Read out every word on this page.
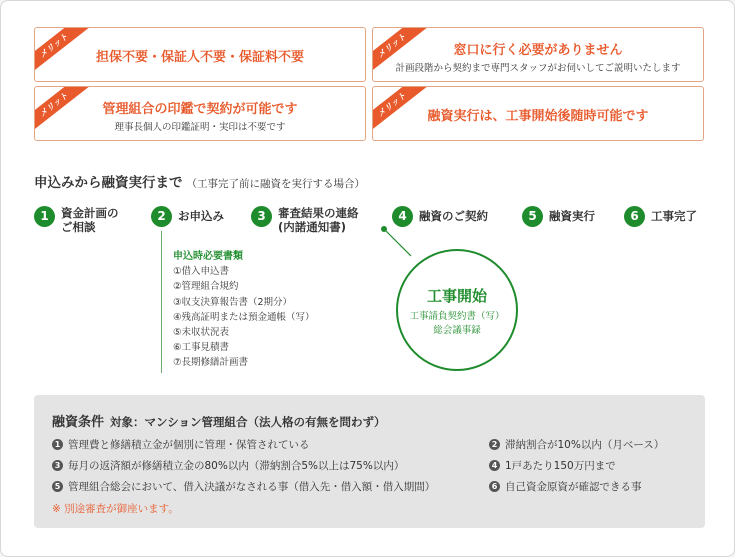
メリット	担保不要・保証人不要・保証料不要	メリット	窓口に行く必要がありません
計画段階から契約まで専門スタッフがお伺いしてご説明いたします
メリット	管理組合の印鑑で契約が可能です
理事長個人の印鑑証明・実印は不要です
メリット	融資実行は、工事開始後随時可能です
申込みから融資実行まで （工事完了前に融資を実行する場合）
1	資金計画の
ご相談
2	お申込み	3	審査結果の連絡
(内諾通知書)
4	融資のご契約	5	融資実行	6	工事完了
申込時必要書類
①借入申込書
②管理組合規約
③収支決算報告書（2期分）
④残高証明または預金通帳（写）
⑤未収状況表
⑥工事見積書
⑦長期修繕計画書
工事開始
工事請負契約書（写）
総会議事録
融資条件 対象：マンション管理組合（法人格の有無を問わず）
1 管理費と修繕積立金が個別に管理・保管されている	2 滞納割合が10%以内（月ベース）
3 毎月の返済額が修繕積立金の80%以内（滞納割合5%以上は75%以内）	4 1戸あたり150万円まで
5 管理組合総会において、借入決議がなされる事（借入先・借入額・借入期間）	6 自己資金原資が確認できる事
※ 別途審査が御座います。
